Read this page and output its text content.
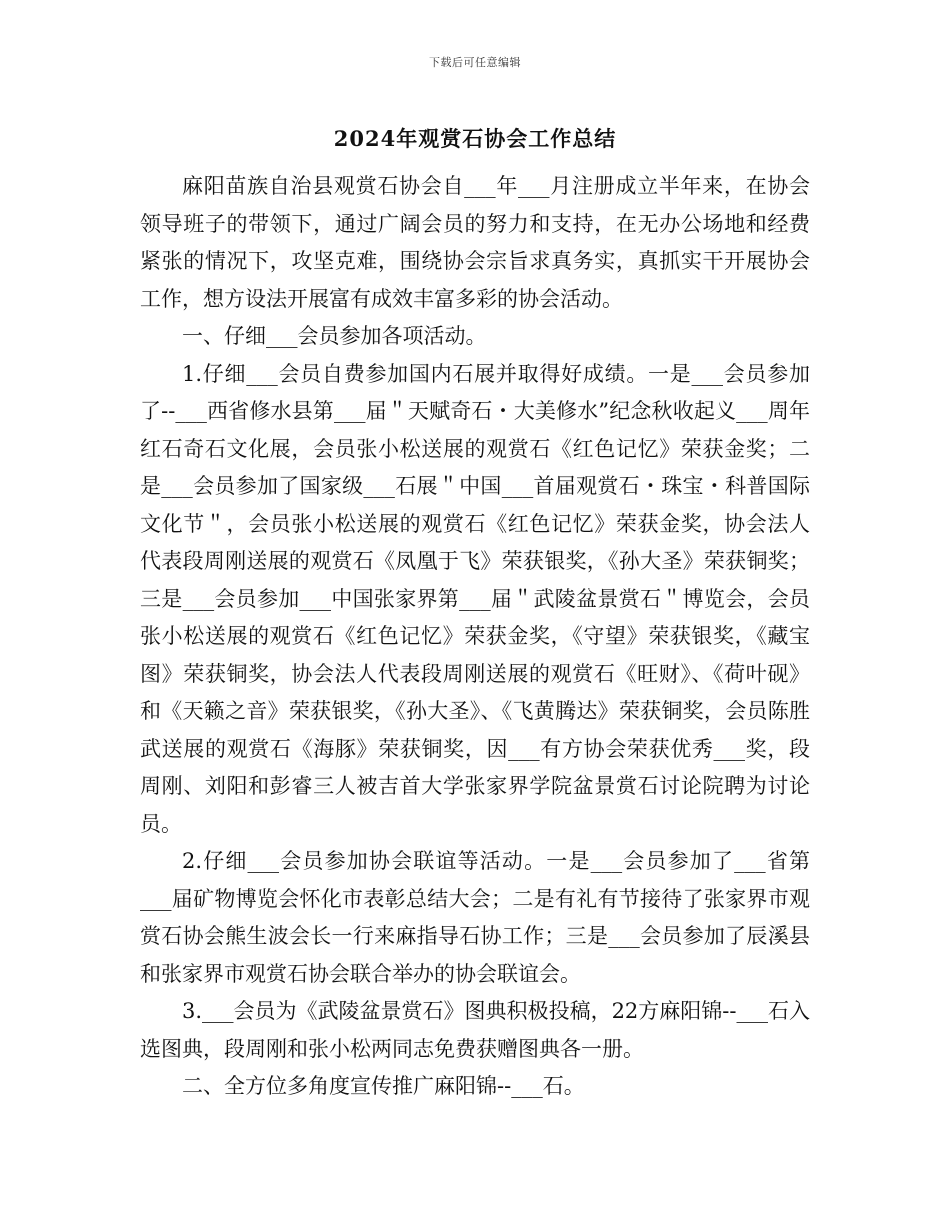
下载后可任意编辑
2024年观赏石协会工作总结

麻阳苗族自治县观赏石协会自___年___月注册成立半年来，在协会领导班子的带领下，通过广阔会员的努力和支持，在无办公场地和经费紧张的情况下，攻坚克难，围绕协会宗旨求真务实，真抓实干开展协会工作，想方设法开展富有成效丰富多彩的协会活动。

一、仔细___会员参加各项活动。

1.仔细___会员自费参加国内石展并取得好成绩。一是___会员参加了--___西省修水县第___届＂天赋奇石・大美修水”纪念秋收起义___周年红石奇石文化展，会员张小松送展的观赏石《红色记忆》荣获金奖；二是___会员参加了国家级___石展＂中国___首届观赏石・珠宝・科普国际文化节＂，会员张小松送展的观赏石《红色记忆》荣获金奖，协会法人代表段周刚送展的观赏石《凤凰于飞》荣获银奖，《孙大圣》荣获铜奖；三是___会员参加___中国张家界第___届＂武陵盆景赏石＂博览会，会员张小松送展的观赏石《红色记忆》荣获金奖，《守望》荣获银奖，《藏宝图》荣获铜奖，协会法人代表段周刚送展的观赏石《旺财》、《荷叶砚》和《天籁之音》荣获银奖，《孙大圣》、《飞黄腾达》荣获铜奖，会员陈胜武送展的观赏石《海豚》荣获铜奖，因___有方协会荣获优秀___奖，段周刚、刘阳和彭睿三人被吉首大学张家界学院盆景赏石讨论院聘为讨论员。

2.仔细___会员参加协会联谊等活动。一是___会员参加了___省第___届矿物博览会怀化市表彰总结大会；二是有礼有节接待了张家界市观赏石协会熊生波会长一行来麻指导石协工作；三是___会员参加了辰溪县和张家界市观赏石协会联合举办的协会联谊会。

3.___会员为《武陵盆景赏石》图典积极投稿，22方麻阳锦--___石入选图典，段周刚和张小松两同志免费获赠图典各一册。

二、全方位多角度宣传推广麻阳锦--___石。
